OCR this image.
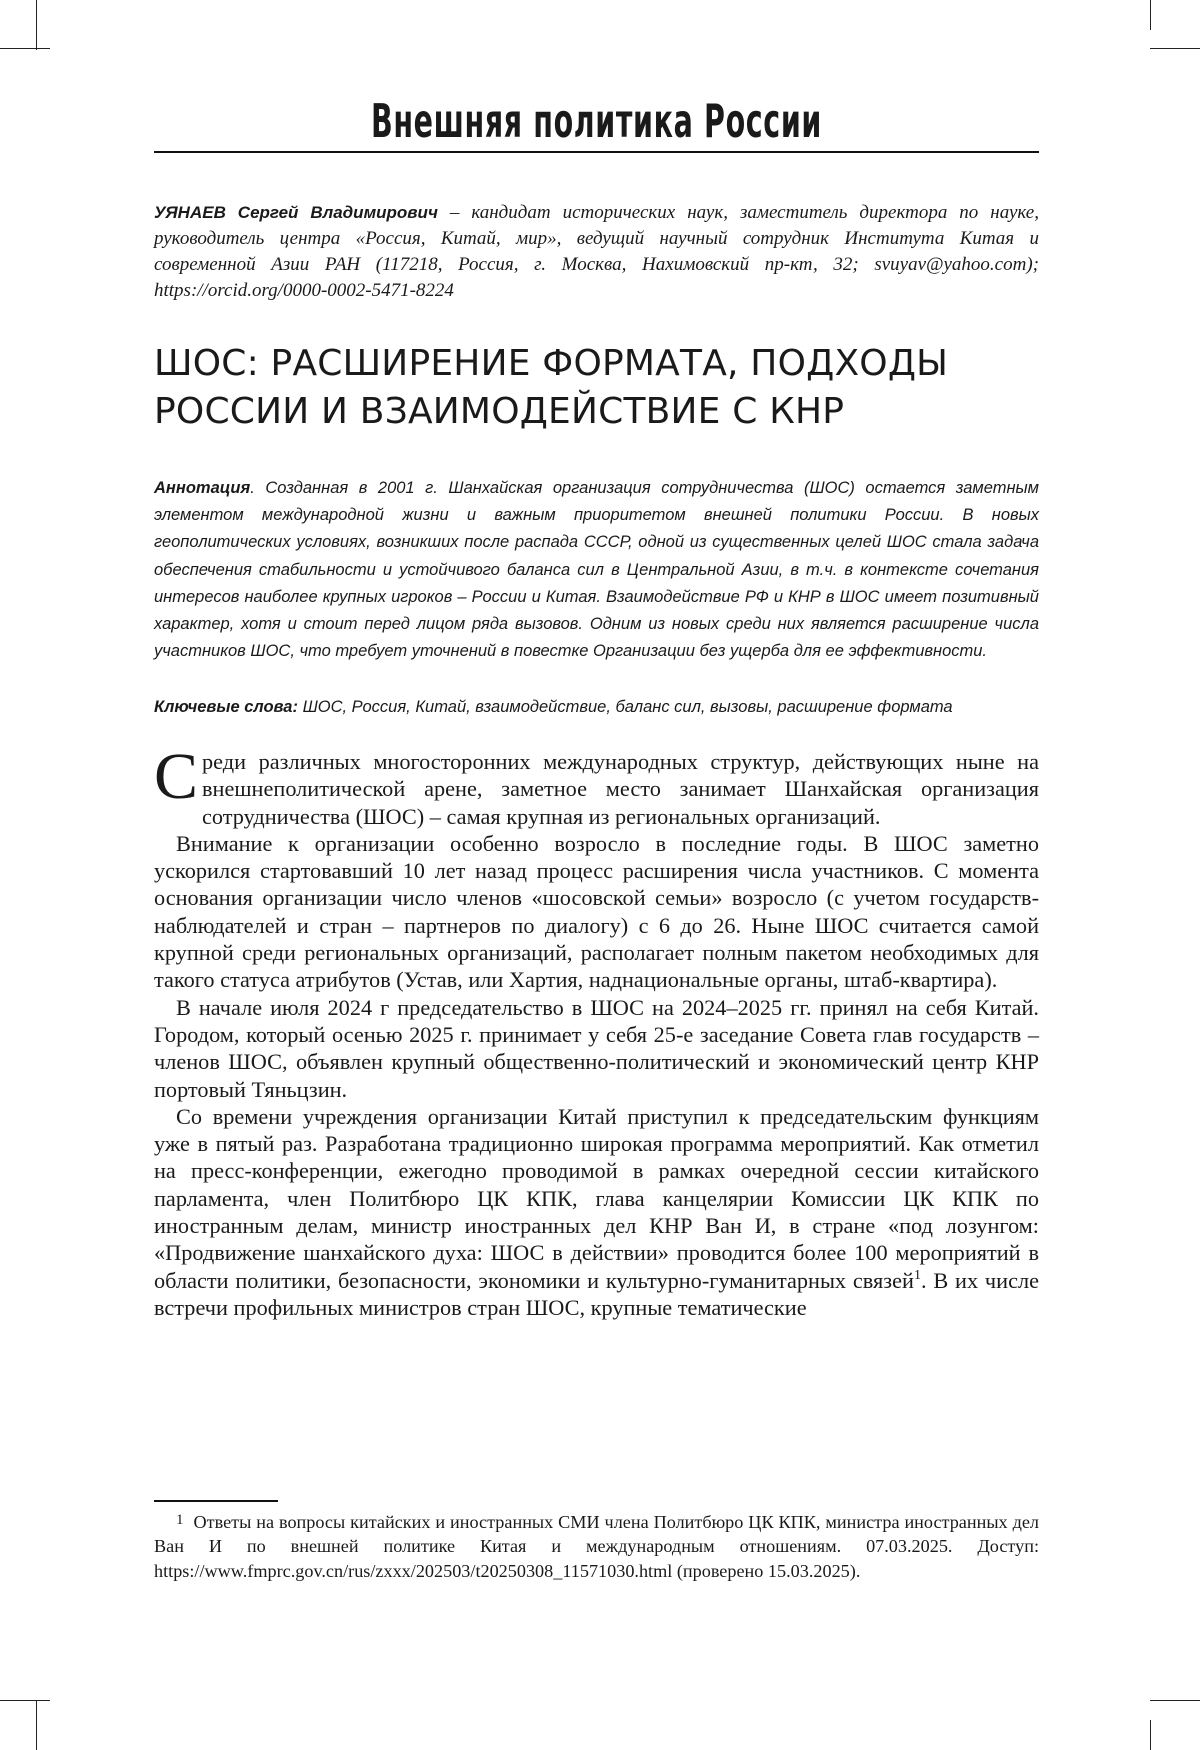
Внешняя политика России

УЯНАЕВ Сергей Владимирович – кандидат исторических наук, заместитель директора по науке, руководитель центра «Россия, Китай, мир», ведущий научный сотрудник Института Китая и современной Азии РАН (117218, Россия, г. Москва, Нахимовский пр-кт, 32; svuyav@yahoo.com); https://orcid.org/0000-0002-5471-8224

ШОС: РАСШИРЕНИЕ ФОРМАТА, ПОДХОДЫ
РОССИИ И ВЗАИМОДЕЙСТВИЕ С КНР

Аннотация. Созданная в 2001 г. Шанхайская организация сотрудничества (ШОС) остается заметным элементом международной жизни и важным приоритетом внешней политики России. В новых геополитических условиях, возникших после распада СССР, одной из существенных целей ШОС стала задача обеспечения стабильности и устойчивого баланса сил в Центральной Азии, в т.ч. в контексте сочетания интересов наиболее крупных игроков – России и Китая. Взаимодействие РФ и КНР в ШОС имеет позитивный характер, хотя и стоит перед лицом ряда вызовов. Одним из новых среди них является расширение числа участников ШОС, что требует уточнений в повестке Организации без ущерба для ее эффективности.

Ключевые слова: ШОС, Россия, Китай, взаимодействие, баланс сил, вызовы, расширение формата

С реди различных многосторонних международных структур, действующих ныне на внешнеполитической арене, заметное место занимает Шанхайская организация сотрудничества (ШОС) – самая крупная из региональных организаций.

Внимание к организации особенно возросло в последние годы. В ШОС заметно ускорился стартовавший 10 лет назад процесс расширения числа участников. С момента основания организации число членов «шосовской семьи» возросло (с учетом государств-наблюдателей и стран – партнеров по диалогу) с 6 до 26. Ныне ШОС считается самой крупной среди региональных организаций, располагает полным пакетом необходимых для такого статуса атрибутов (Устав, или Хартия, наднациональные органы, штаб-квартира).

В начале июля 2024 г председательство в ШОС на 2024–2025 гг. принял на себя Китай. Городом, который осенью 2025 г. принимает у себя 25-е заседание Совета глав государств – членов ШОС, объявлен крупный общественно-политический и экономический центр КНР портовый Тяньцзин.

Со времени учреждения организации Китай приступил к председательским функциям уже в пятый раз. Разработана традиционно широкая программа мероприятий. Как отметил на пресс-конференции, ежегодно проводимой в рамках очередной сессии китайского парламента, член Политбюро ЦК КПК, глава канцелярии Комиссии ЦК КПК по иностранным делам, министр иностранных дел КНР Ван И, в стране «под лозунгом: «Продвижение шанхайского духа: ШОС в действии» проводится более 100 мероприятий в области политики, безопасности, экономики и культурно-гуманитарных связей1. В их числе встречи профильных министров стран ШОС, крупные тематические

1 Ответы на вопросы китайских и иностранных СМИ члена Политбюро ЦК КПК, министра иностранных дел Ван И по внешней политике Китая и международным отношениям. 07.03.2025. Доступ: https://www.fmprc.gov.cn/rus/zxxx/202503/t20250308_11571030.html (проверено 15.03.2025).
